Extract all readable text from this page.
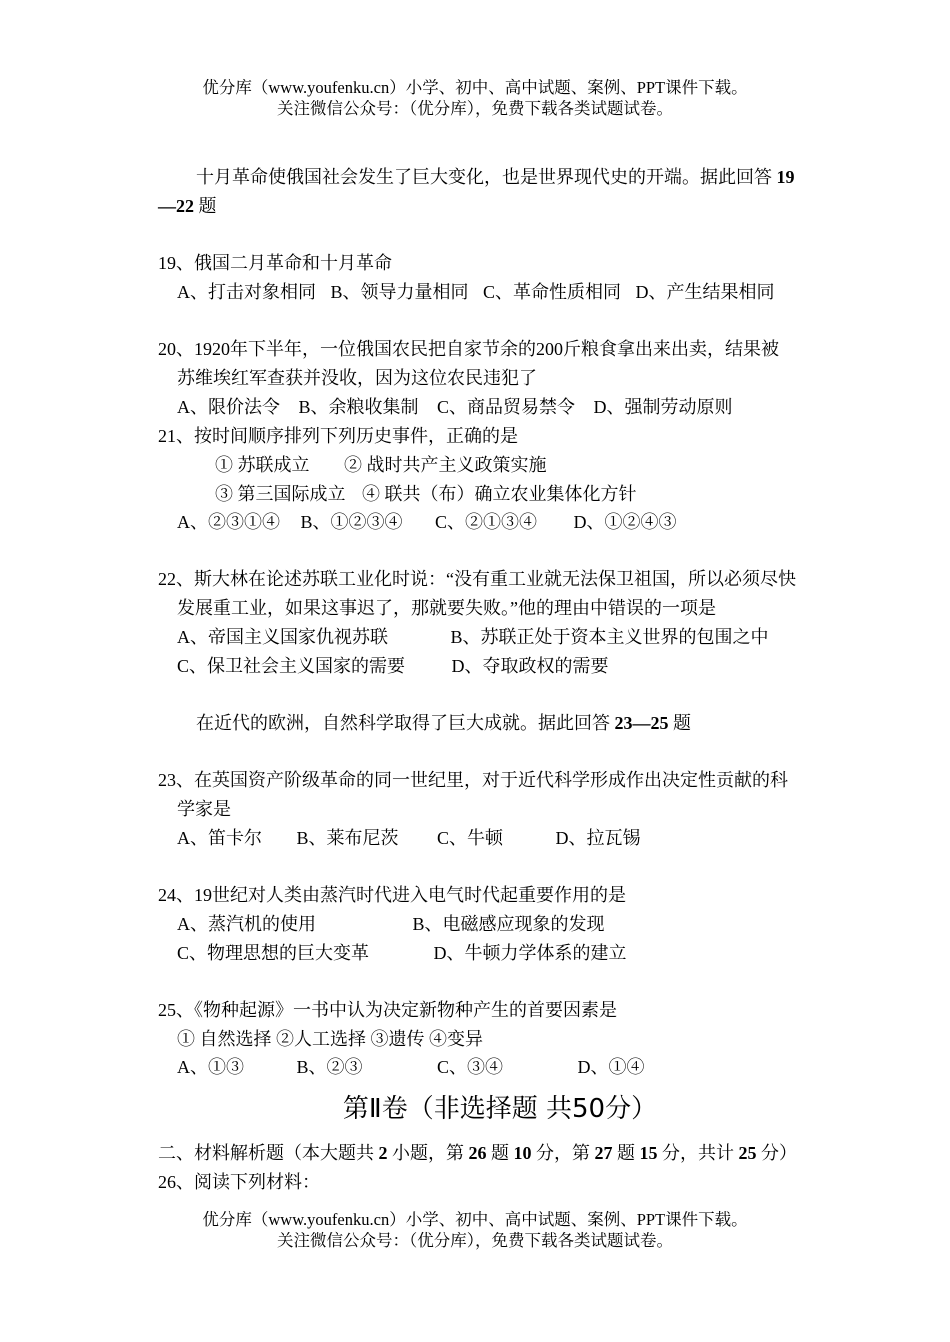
优分库（www.youfenku.cn）小学、初中、高中试题、案例、PPT课件下载。
关注微信公众号：（优分库），免费下载各类试题试卷。
十月革命使俄国社会发生了巨大变化，也是世界现代史的开端。据此回答 19
—22 题
19、俄国二月革命和十月革命
A、打击对象相同 B、领导力量相同 C、革命性质相同 D、产生结果相同
20、1920年下半年，一位俄国农民把自家节余的200斤粮食拿出来出卖，结果被
苏维埃红军查获并没收，因为这位农民违犯了
A、限价法令 B、余粮收集制 C、商品贸易禁令 D、强制劳动原则
21、按时间顺序排列下列历史事件，正确的是
① 苏联成立 ② 战时共产主义政策实施
③ 第三国际成立 ④ 联共（布）确立农业集体化方针
A、②③①④ B、①②③④ C、②①③④ D、①②④③
22、斯大林在论述苏联工业化时说：“没有重工业就无法保卫祖国，所以必须尽快
发展重工业，如果这事迟了，那就要失败。”他的理由中错误的一项是
A、帝国主义国家仇视苏联	B、苏联正处于资本主义世界的包围之中
C、保卫社会主义国家的需要	D、夺取政权的需要
在近代的欧洲，自然科学取得了巨大成就。据此回答 23—25 题
23、在英国资产阶级革命的同一世纪里，对于近代科学形成作出决定性贡献的科
学家是
A、笛卡尔 B、莱布尼茨 C、牛顿	D、拉瓦锡
24、19世纪对人类由蒸汽时代进入电气时代起重要作用的是
A、蒸汽机的使用	B、电磁感应现象的发现
C、物理思想的巨大变革	D、牛顿力学体系的建立
25、《物种起源》一书中认为决定新物种产生的首要因素是
① 自然选择 ②人工选择 ③遗传 ④变异
A、①③	B、②③	C、③④	D、①④
第Ⅱ卷（非选择题 共50分）
二、材料解析题（本大题共 2 小题，第 26 题 10 分，第 27 题 15 分，共计 25 分）
26、阅读下列材料：
优分库（www.youfenku.cn）小学、初中、高中试题、案例、PPT课件下载。
关注微信公众号：（优分库），免费下载各类试题试卷。
